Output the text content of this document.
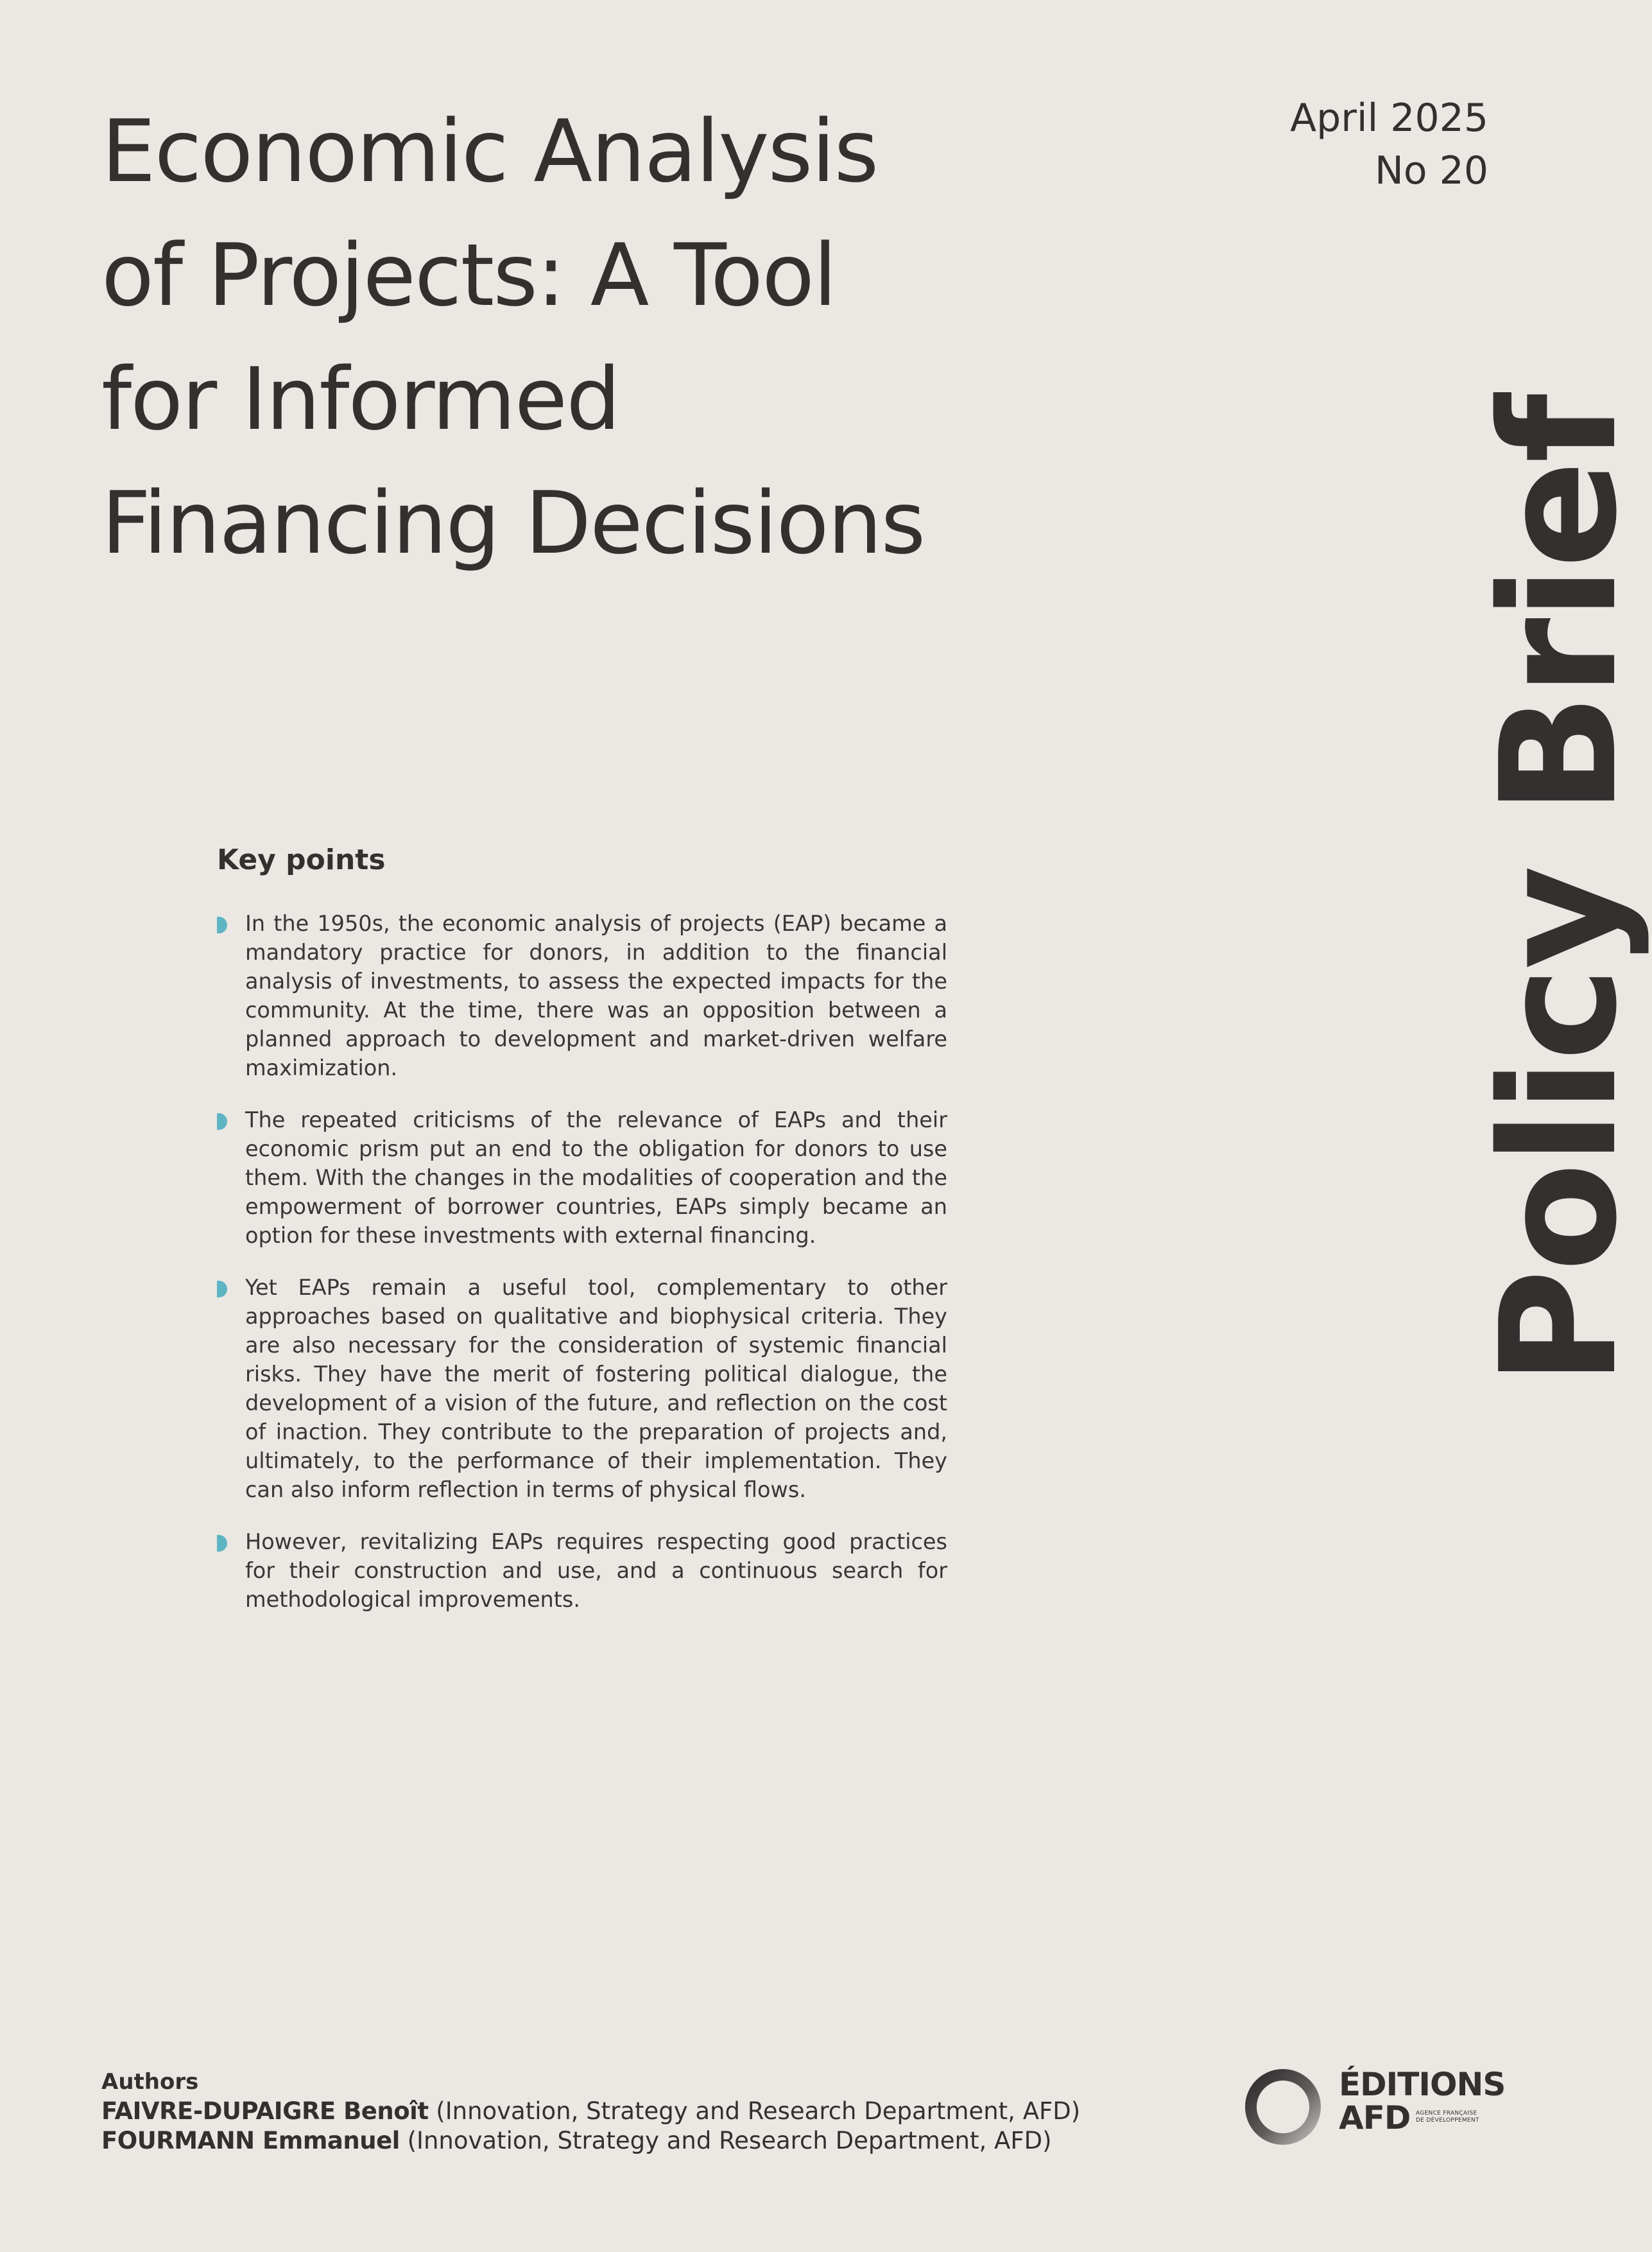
Economic Analysis
of Projects: A Tool
for Informed
Financing Decisions
April 2025
No 20
Policy Brief
Key points
In the 1950s, the economic analysis of projects (EAP) became a mandatory practice for donors, in addition to the financial analysis of investments, to assess the expected impacts for the community. At the time, there was an opposition between a planned approach to development and market-driven welfare maximization.
The repeated criticisms of the relevance of EAPs and their economic prism put an end to the obligation for donors to use them. With the changes in the modalities of cooperation and the empowerment of borrower countries, EAPs simply became an option for these investments with external financing.
Yet EAPs remain a useful tool, complementary to other approaches based on qualitative and biophysical criteria. They are also necessary for the consideration of systemic financial risks. They have the merit of fostering political dialogue, the development of a vision of the future, and reflection on the cost of inaction. They contribute to the preparation of projects and, ultimately, to the performance of their implementation. They can also inform reflection in terms of physical flows.
However, revitalizing EAPs requires respecting good practices for their construction and use, and a continuous search for methodological improvements.
Authors
FAIVRE-DUPAIGRE Benoît (Innovation, Strategy and Research Department, AFD)
FOURMANN Emmanuel (Innovation, Strategy and Research Department, AFD)
ÉDITIONS
AFD AGENCE FRANÇAISE
DE DÉVELOPPEMENT
